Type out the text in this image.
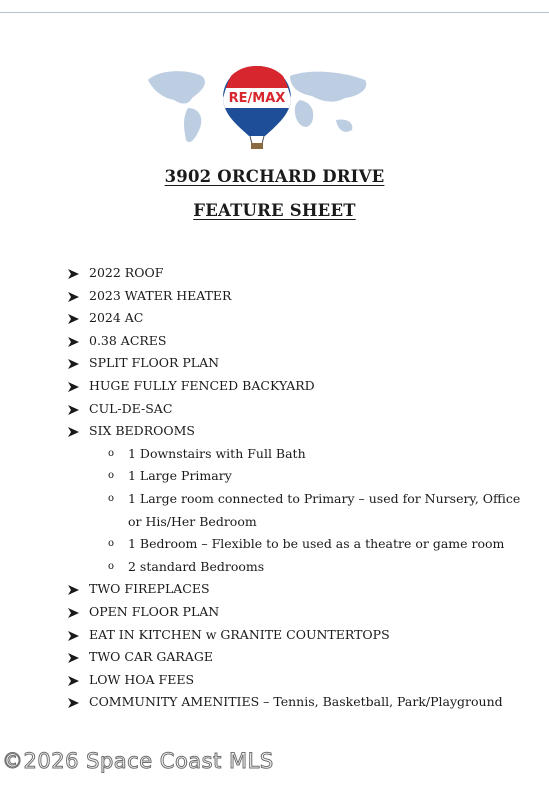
RE/MAX
3902 ORCHARD DRIVE
FEATURE SHEET
2022 ROOF
2023 WATER HEATER
2024 AC
0.38 ACRES
SPLIT FLOOR PLAN
HUGE FULLY FENCED BACKYARD
CUL-DE-SAC
SIX BEDROOMS
o 1 Downstairs with Full Bath
o 1 Large Primary
o 1 Large room connected to Primary – used for Nursery, Office
or His/Her Bedroom
o 1 Bedroom – Flexible to be used as a theatre or game room
o 2 standard Bedrooms
TWO FIREPLACES
OPEN FLOOR PLAN
EAT IN KITCHEN w GRANITE COUNTERTOPS
TWO CAR GARAGE
LOW HOA FEES
COMMUNITY AMENITIES – Tennis, Basketball, Park/Playground
©2026 Space Coast MLS
